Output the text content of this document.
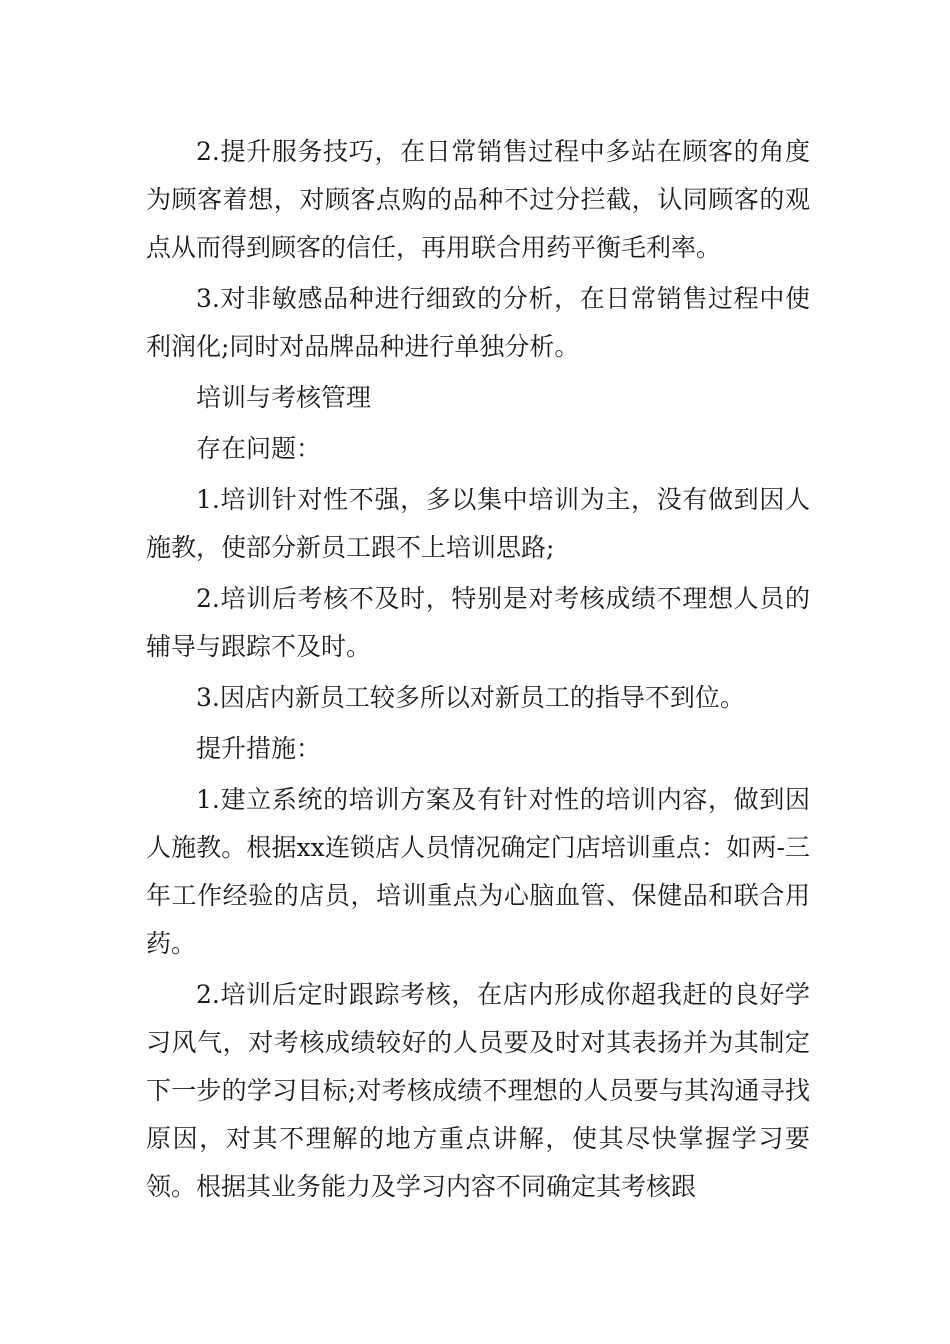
2.提升服务技巧，在日常销售过程中多站在顾客的角度为顾客着想，对顾客点购的品种不过分拦截，认同顾客的观点从而得到顾客的信任，再用联合用药平衡毛利率。

3.对非敏感品种进行细致的分析，在日常销售过程中使利润化;同时对品牌品种进行单独分析。

培训与考核管理

存在问题：

1.培训针对性不强，多以集中培训为主，没有做到因人施教，使部分新员工跟不上培训思路;

2.培训后考核不及时，特别是对考核成绩不理想人员的辅导与跟踪不及时。

3.因店内新员工较多所以对新员工的指导不到位。

提升措施：

1.建立系统的培训方案及有针对性的培训内容，做到因人施教。根据xx连锁店人员情况确定门店培训重点：如两-三年工作经验的店员，培训重点为心脑血管、保健品和联合用药。

2.培训后定时跟踪考核，在店内形成你超我赶的良好学习风气，对考核成绩较好的人员要及时对其表扬并为其制定下一步的学习目标;对考核成绩不理想的人员要与其沟通寻找原因，对其不理解的地方重点讲解，使其尽快掌握学习要领。根据其业务能力及学习内容不同确定其考核跟
